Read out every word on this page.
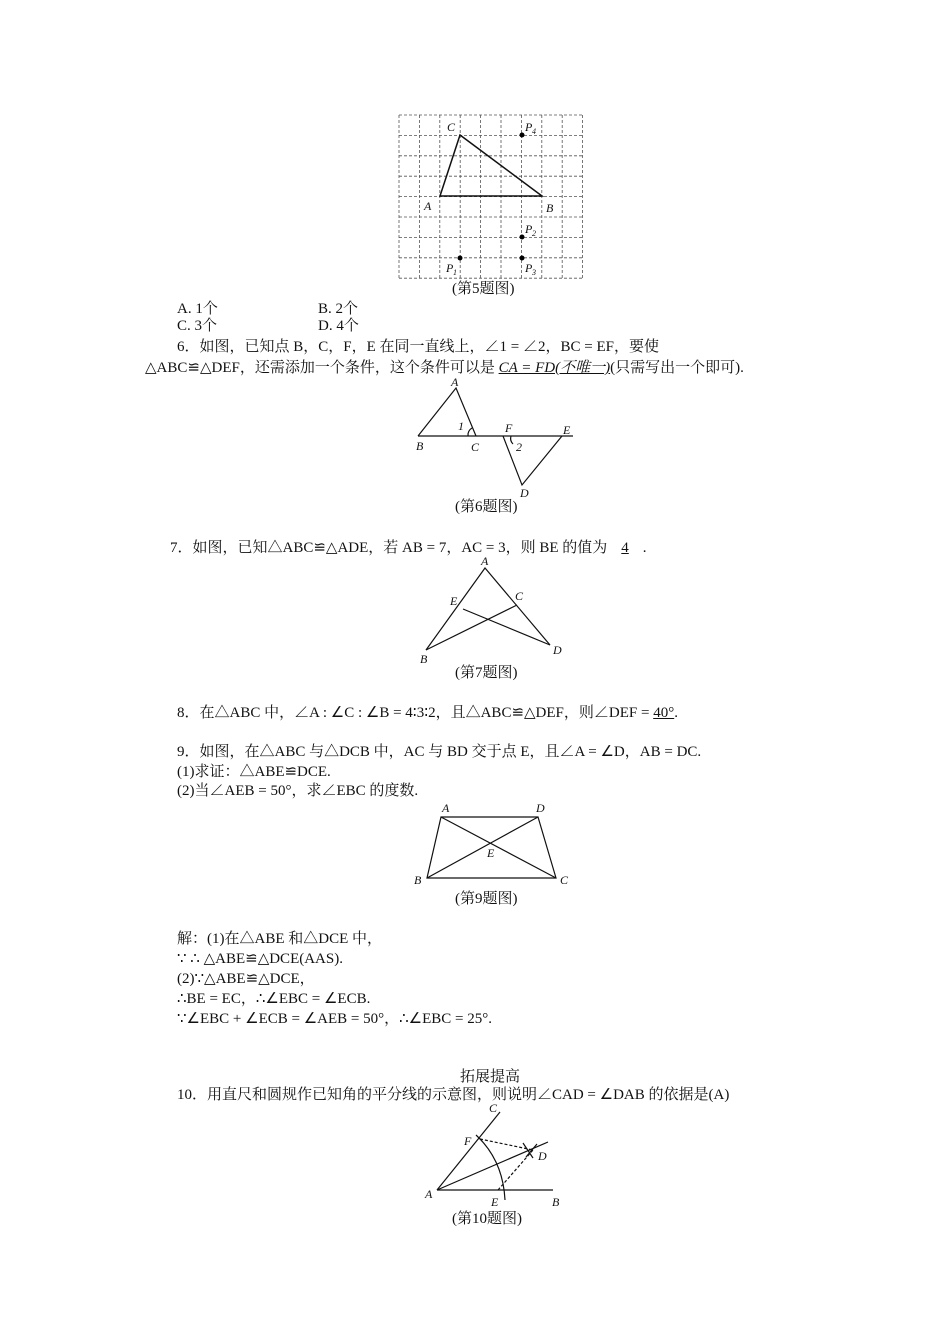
A	B
C	P 4
P 2
P 1	P 3
A
B	C
D
E
F
1
2
A
B
C
D
E
A
B	C
D
E
A
B
C
D
E
F
(第5题图)
A. 1个	B. 2个
C. 3个	D. 4个
6．如图，已知点 B，C，F，E 在同一直线上，∠1 = ∠2，BC = EF，要使
△ABC≌△DEF，还需添加一个条件，这个条件可以是 CA = FD(不唯一)(只需写出一个即可).
(第6题图)
7．如图，已知△ABC≌△ADE，若 AB = 7，AC = 3，则 BE 的值为 4 .
(第7题图)
8．在△ABC 中，∠A : ∠C : ∠B = 4∶3∶2，且△ABC≌△DEF，则∠DEF = 40°.
9．如图，在△ABC 与△DCB 中，AC 与 BD 交于点 E，且∠A = ∠D，AB = DC.
(1)求证：△ABE≌DCE.
(2)当∠AEB = 50°，求∠EBC 的度数.
(第9题图)
解：(1)在△ABE 和△DCE 中，
∵ ∴ △ABE≌△DCE(AAS).
(2)∵△ABE≌△DCE，
∴BE = EC，∴∠EBC = ∠ECB.
∵∠EBC + ∠ECB = ∠AEB = 50°，∴∠EBC = 25°.
拓展提高
10．用直尺和圆规作已知角的平分线的示意图，则说明∠CAD = ∠DAB 的依据是(A)
(第10题图)
